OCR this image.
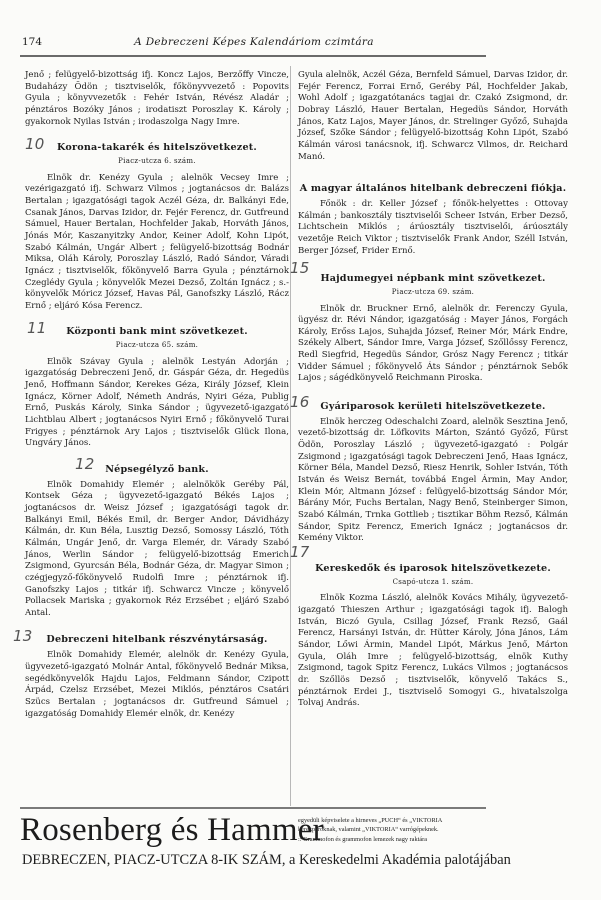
174	A Debreczeni Képes Kalendáriom czimtára

Jenő ; felügyelő-bizottság ifj. Koncz Lajos, Berzőffy Vincze, Budaházy Ödön ; tisztviselők, főkönyvvezető : Popovits Gyula ; könyvvezetők : Fehér István, Révész Aladár ; pénztáros Bozóky János ; irodatiszt Poroszlay K. Károly ; gyakornok Nyilas István ; irodaszolga Nagy Imre.

10 Korona-takarék és hitelszövetkezet.
Piacz-utcza 6. szám.

Elnök dr. Kenézy Gyula ; alelnök Vecsey Imre ; vezérigazgató ifj. Schwarz Vilmos ; jogtanácsos dr. Balázs Bertalan ; igazgatósági tagok Aczél Géza, dr. Balkányi Ede, Csanak János, Darvas Izidor, dr. Fejér Ferencz, dr. Gutfreund Sámuel, Hauer Bertalan, Hochfelder Jakab, Horváth János, Jónás Mór, Kaszanyitzky Andor, Keiner Adolf, Kohn Lipót, Szabó Kálmán, Ungár Albert ; felügyelő-bizottság Bodnár Miksa, Oláh Károly, Poroszlay László, Radó Sándor, Váradi Ignácz ; tisztviselők, főkönyvelő Barra Gyula ; pénztárnok Czeglédy Gyula ; könyvelők Mezei Dezső, Zoltán Ignácz ; s.-könyvelők Móricz József, Havas Pál, Ganofszky László, Rácz Ernő ; eljáró Kósa Ferencz.

11 Központi bank mint szövetkezet.
Piacz-utcza 65. szám.

Elnök Szávay Gyula ; alelnök Lestyán Adorján ; igazgatóság Debreczeni Jenő, dr. Gáspár Géza, dr. Hegedüs Jenő, Hoffmann Sándor, Kerekes Géza, Király József, Klein Ignácz, Körner Adolf, Németh András, Nyiri Géza, Publig Ernő, Puskás Károly, Sinka Sándor ; ügyvezető-igazgató Lichtblau Albert ; jogtanácsos Nyiri Ernő ; főkönyvelő Turai Frigyes ; pénztárnok Ary Lajos ; tisztviselők Glück Ilona, Ungváry János.

12 Népsegélyző bank.

Elnök Domahidy Elemér ; alelnökök Geréby Pál, Kontsek Géza ; ügyvezető-igazgató Békés Lajos ; jogtanácsos dr. Weisz József ; igazgatósági tagok dr. Balkányi Emil, Békés Emil, dr. Berger Andor, Dávidházy Kálmán, dr. Kun Béla, Lusztig Dezső, Somossy László, Tóth Kálmán, Ungár Jenő, dr. Varga Elemér, dr. Várady Szabó János, Werlin Sándor ; felügyelő-bizottság Emerich Zsigmond, Gyurcsán Béla, Bodnár Géza, dr. Magyar Simon ; czégjegyző-főkönyvelő Rudolfi Imre ; pénztárnok ifj. Ganofszky Lajos ; titkár ifj. Schwarcz Vincze ; könyvelő Pollacsek Mariska ; gyakornok Réz Erzsébet ; eljáró Szabó Antal.

13 Debreczeni hitelbank részvénytársaság.

Elnök Domahidy Elemér, alelnök dr. Kenézy Gyula, ügyvezető-igazgató Molnár Antal, főkönyvelő Bednár Miksa, segédkönyvelők Hajdu Lajos, Feldmann Sándor, Czipott Árpád, Czelsz Erzsébet, Mezei Miklós, pénztáros Csatári Szücs Bertalan ; jogtanácsos dr. Gutfreund Sámuel ; igazgatóság Domahidy Elemér elnök, dr. Kenézy

Gyula alelnök, Aczél Géza, Bernfeld Sámuel, Darvas Izidor, dr. Fejér Ferencz, Forrai Ernő, Geréby Pál, Hochfelder Jakab, Wohl Adolf ; igazgatótanács tagjai dr. Czakó Zsigmond, dr. Dobray László, Hauer Bertalan, Hegedüs Sándor, Horváth János, Katz Lajos, Mayer János, dr. Strelinger Győző, Suhajda József, Szőke Sándor ; felügyelő-bizottság Kohn Lipót, Szabó Kálmán városi tanácsnok, ifj. Schwarcz Vilmos, dr. Reichard Manó.

A magyar általános hitelbank debreczeni fiókja.

Főnök : dr. Keller József ; főnök-helyettes : Ottovay Kálmán ; bankosztály tisztviselői Scheer István, Erber Dezső, Lichtschein Miklós ; árúosztály tisztviselői, árúosztály vezetője Reich Viktor ; tisztviselők Frank Andor, Széll István, Berger József, Frider Ernő.

15
Hajdumegyei népbank mint szövetkezet.
Piacz-utcza 69. szám.

Elnök dr. Bruckner Ernő, alelnök dr. Ferenczy Gyula, ügyész dr. Révi Nándor, igazgatóság : Mayer János, Forgách Károly, Erőss Lajos, Suhajda József, Reiner Mór, Márk Endre, Székely Albert, Sándor Imre, Varga József, Szőllőssy Ferencz, Redl Siegfrid, Hegedüs Sándor, Grósz Nagy Ferencz ; titkár Vidder Sámuel ; főkönyvelő Áts Sándor ; pénztárnok Sebők Lajos ; ságédkönyvelő Reichmann Piroska.

16 Gyáriparosok kerületi hitelszövetkezete.

Elnök herczeg Odeschalchi Zoard, alelnök Sesztina Jenő, vezető-bizottság dr. Löfkovits Márton, Szántó Győző, Fürst Ödön, Poroszlay László ; ügyvezető-igazgató : Polgár Zsigmond ; igazgatósági tagok Debreczeni Jenő, Haas Ignácz, Körner Béla, Mandel Dezső, Riesz Henrik, Sohler István, Tóth István és Weisz Bernát, továbbá Engel Ármin, May Andor, Klein Mór, Altmann József : felügyelő-bizottság Sándor Mór, Bárány Mór, Fuchs Bertalan, Nagy Benő, Steinberger Simon, Szabó Kálmán, Trnka Gottlieb ; tisztikar Böhm Rezső, Kálmán Sándor, Spitz Ferencz, Emerich Ignácz ; jogtanácsos dr. Kemény Viktor.

17
Kereskedők és iparosok hitelszövetkezete.
Csapó-utcza 1. szám.

Elnök Kozma László, alelnök Kovács Mihály, ügyvezető-igazgató Thieszen Arthur ; igazgatósági tagok ifj. Balogh István, Biczó Gyula, Csillag József, Frank Rezső, Gaál Ferencz, Harsányi István, dr. Hütter Károly, Jóna János, Lám Sándor, Lőwi Ármin, Mandel Lipót, Márkus Jenő, Márton Gyula, Oláh Imre ; felügyelő-bizottság, elnök Kuthy Zsigmond, tagok Spitz Ferencz, Lukács Vilmos ; jogtanácsos dr. Szőllös Dezső ; tisztviselők, könyvelő Takács S., pénztárnok Erdei J., tisztviselő Somogyi G., hivatalszolga Tolvaj András.

Rosenberg és Hammer
egyedüli képviselete a hirneves „PUCH“ és „VIKTORIA
kerékpároknak, valamint „VIKTORIA“ varrógépeknek.
:: Grammofon és grammofon lemezek nagy raktára
DEBRECZEN, PIACZ-UTCZA 8-IK SZÁM, a Kereskedelmi Akadémia palotájában
